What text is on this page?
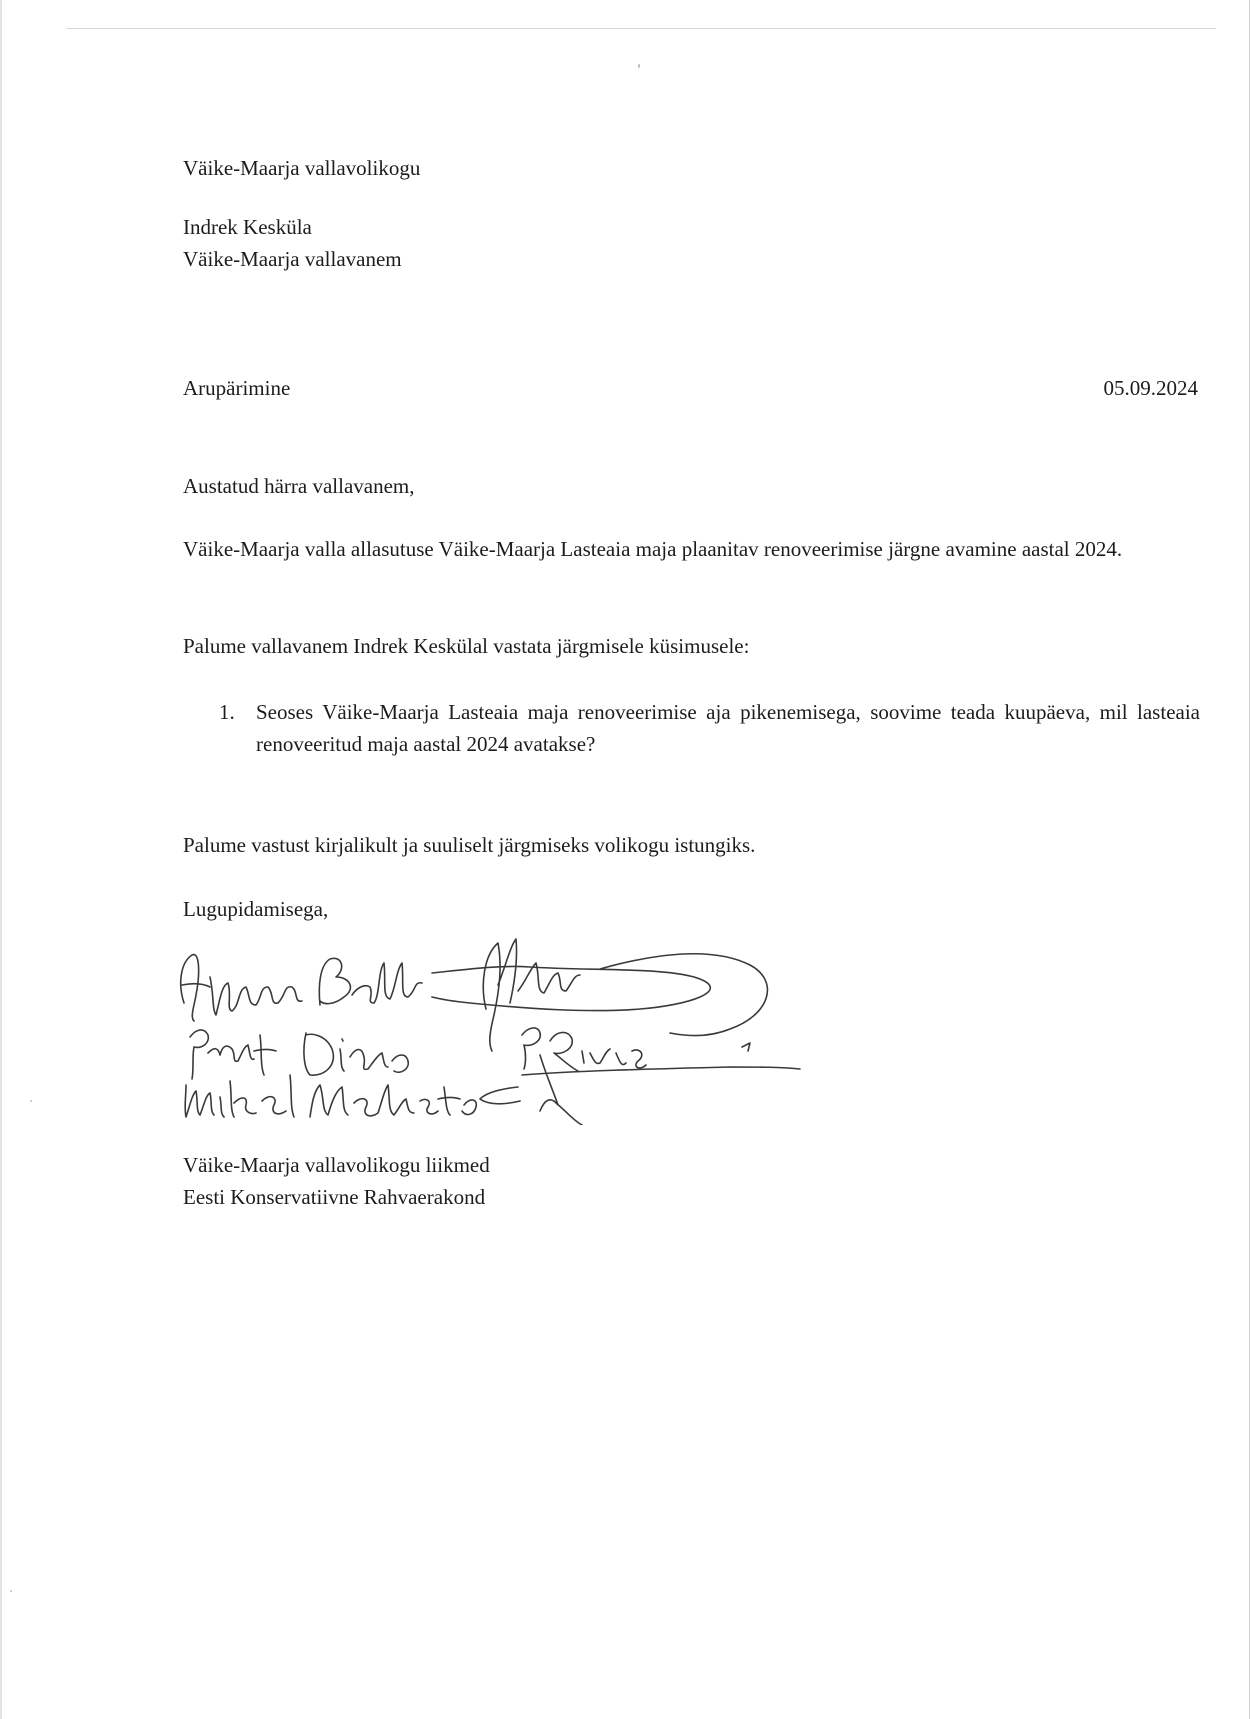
Väike-Maarja vallavolikogu
Indrek Kesküla
Väike-Maarja vallavanem
Arupärimine	05.09.2024
Austatud härra vallavanem,
Väike-Maarja valla allasutuse Väike-Maarja Lasteaia maja plaanitav renoveerimise järgne avamine aastal 2024.
Palume vallavanem Indrek Keskülal vastata järgmisele küsimusele:
1. Seoses Väike-Maarja Lasteaia maja renoveerimise aja pikenemisega, soovime teada kuupäeva, mil lasteaia renoveeritud maja aastal 2024 avatakse?
Palume vastust kirjalikult ja suuliselt järgmiseks volikogu istungiks.
Lugupidamisega,
Väike-Maarja vallavolikogu liikmed
Eesti Konservatiivne Rahvaerakond
